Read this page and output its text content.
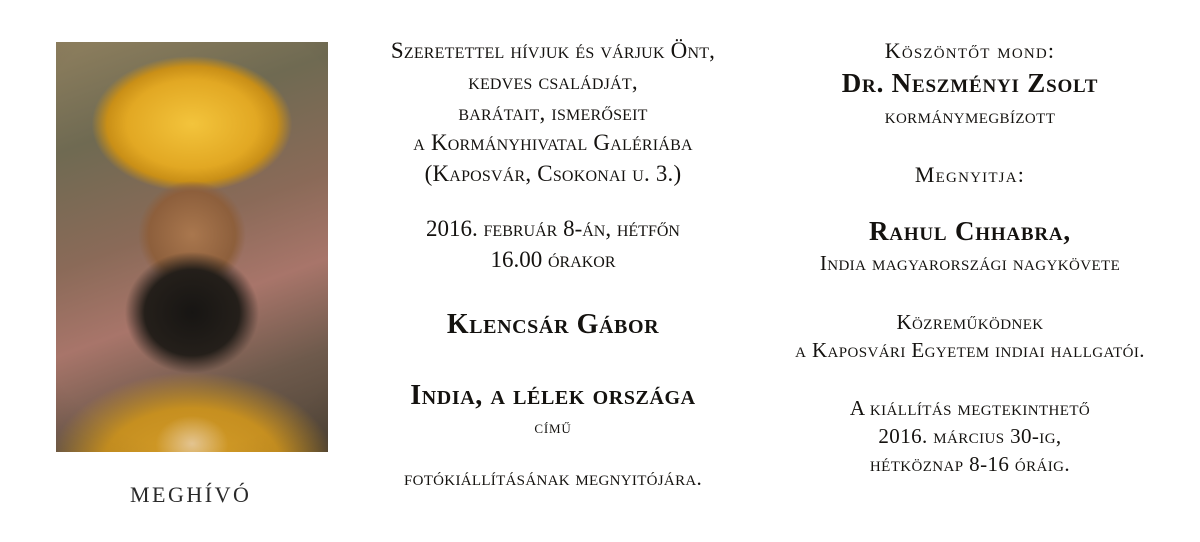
MEGHÍVÓ
Szeretettel hívjuk és várjuk Önt,
kedves családját,
barátait, ismerőseit
a Kormányhivatal Galériába
(Kaposvár, Csokonai u. 3.)
2016. február 8-án, hétfőn
16.00 órakor
Klencsár Gábor
India, a lélek országa
című
fotókiállításának megnyitójára.
Köszöntőt mond:
Dr. Neszményi Zsolt
kormánymegbízott
Megnyitja:
Rahul Chhabra,
India magyarországi nagykövete
Közreműködnek
a Kaposvári Egyetem indiai hallgatói.
A kiállítás megtekinthető
2016. március 30-ig,
hétköznap 8-16 óráig.
